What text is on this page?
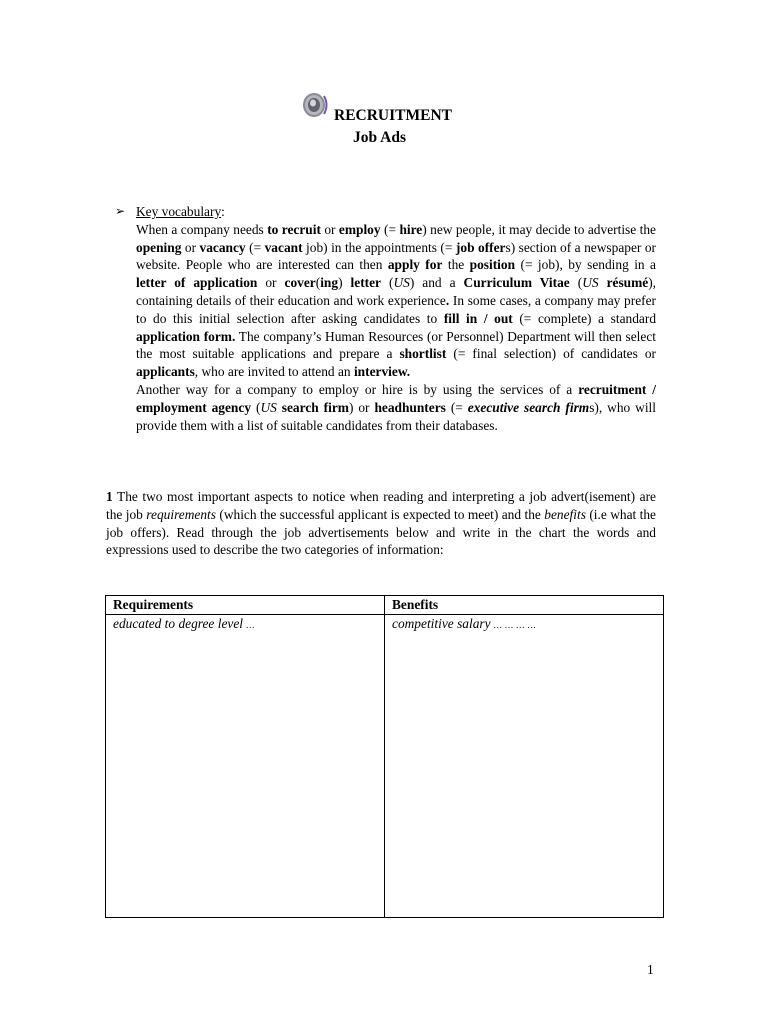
RECRUITMENT
Job Ads
➢ Key vocabulary:

When a company needs to recruit or employ (= hire) new people, it may decide to advertise the opening or vacancy (= vacant job) in the appointments (= job offers) section of a newspaper or website. People who are interested can then apply for the position (= job), by sending in a letter of application or cover(ing) letter (US) and a Curriculum Vitae (US résumé), containing details of their education and work experience. In some cases, a company may prefer to do this initial selection after asking candidates to fill in / out (= complete) a standard application form. The company’s Human Resources (or Personnel) Department will then select the most suitable applications and prepare a shortlist (= final selection) of candidates or applicants, who are invited to attend an interview.

Another way for a company to employ or hire is by using the services of a recruitment / employment agency (US search firm) or headhunters (= executive search firms), who will provide them with a list of suitable candidates from their databases.

1 The two most important aspects to notice when reading and interpreting a job advert(isement) are the job requirements (which the successful applicant is expected to meet) and the benefits (i.e what the job offers). Read through the job advertisements below and write in the chart the words and expressions used to describe the two categories of information:

Requirements	Benefits
educated to degree level …	competitive salary … … … …
1
